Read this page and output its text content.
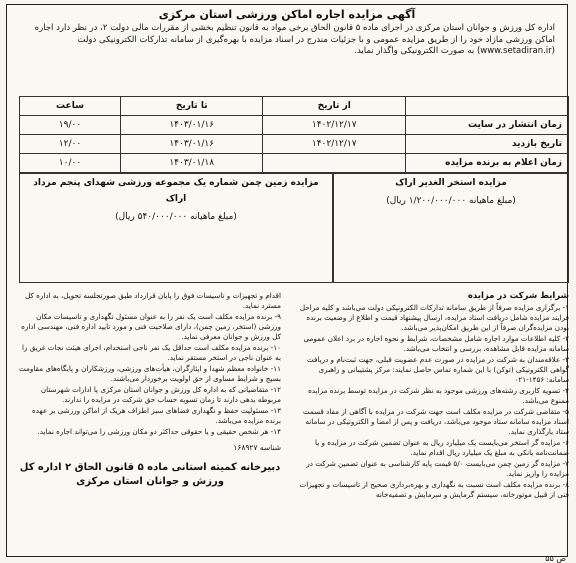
آگهی مزایده اجاره اماکن ورزشی استان مرکزی
اداره کل ورزش و جوانان استان مرکزی در اجرای ماده ۵ قانون الحاق برخی مواد به قانون تنظیم بخشی از مقررات مالی دولت ۲، در نظر دارد اجاره اماکن ورزشی مازاد خود را از طریق مزایده عمومی و با جزئیات مندرج در اسناد مزایده با بهره‌گیری از سامانه تدارکات الکترونیکی دولت (www.setadiran.ir) به صورت الکترونیکی واگذار نماید.
	از تاریخ	تا تاریخ	ساعت
زمان انتشار در سایت	۱۴۰۲/۱۲/۱۷	۱۴۰۳/۰۱/۱۶	۱۹/۰۰
تاریخ بازدید	۱۴۰۲/۱۲/۱۷	۱۴۰۳/۰۱/۱۶	۱۲/۰۰
زمان اعلام به برنده مزایده		۱۴۰۳/۰۱/۱۸	۱۰/۰۰
مزایده استخر الغدیر اراک
(مبلغ ماهیانه ۱/۲۰۰/۰۰۰/۰۰۰ ریال)
مزایده زمین چمن شماره یک مجموعه ورزشی شهدای پنجم مرداد
اراک
(مبلغ ماهیانه ۵۴۰/۰۰۰/۰۰۰ ریال)
شرایط شرکت در مزایده

۱- برگزاری مزایده صرفاً از طریق سامانه تدارکات الکترونیکی دولت می‌باشد و کلیه مراحل فرایند مزایده شامل دریافت اسناد مزایده، ارسال پیشنهاد قیمت و اطلاع از وضعیت برنده بودن مزایده‌گران صرفاً از این طریق امکان‌پذیر می‌باشد.

۲- کلیه اطلاعات موارد اجاره شامل مشخصات، شرایط و نحوه اجاره در برد اعلان عمومی سامانه مزایده قابل مشاهده، بررسی و انتخاب می‌باشد.

۳- علاقه‌مندان به شرکت در مزایده در صورت عدم عضویت قبلی، جهت ثبت‌نام و دریافت گواهی الکترونیکی (توکن) با این شماره تماس حاصل نمایند: مرکز پشتیبانی و راهبری سامانه: ۱۴۵۶-۰۲۱

۴- تسویه کاربری رشته‌های ورزشی موجود به نظر شرکت در مزایده توسط برنده مزایده ممنوع می‌باشد.

۵- متقاضی شرکت در مزایده مکلف است جهت شرکت در مزایده با آگاهی از مفاد قسمت اسناد مزایده سامانه ستاد موجود می‌باشد، دریافت و پس از امضا و الکترونیکی در سامانه ستاد بارگذاری نماید.

۶- مزایده گر استخر می‌بایست یک میلیارد ریال به عنوان تضمین شرکت در مزایده و یا ضمانت‌نامه بانکی به مبلغ یک میلیارد ریال اقدام نماید.

۷- مزایده گر زمین چمن می‌بایست ۵/۰ قیمت پایه کارشناسی به عنوان تضمین شرکت در مزایده را واریز نماید.

۸- برنده مزایده مکلف است نسبت به نگهداری و بهره‌برداری صحیح از تاسیسات و تجهیزات فنی از قبیل موتورخانه، سیستم گرمایش و سرمایش و تصفیه‌خانه

اقدام و تجهیزات و تاسیسات فوق را پایان قرارداد طبق صورتجلسه تحویل، به اداره کل مسترد نماید.

۹- برنده مزایده مکلف است یک نفر را به عنوان مسئول نگهداری و تاسیسات مکان ورزشی (استخر، زمین چمن)، دارای صلاحیت فنی و مورد تایید اداره فنی، مهندسی اداره کل ورزش و جوانان معرفی نماید.

۱۰- برنده مزایده مکلف است حداقل یک نفر ناجی استخدام، اجرای هیئت نجات غریق را به عنوان ناجی در استخر مستقر نماید.

۱۱- خانواده معظم شهدا و ایثارگران، هیأت‌های ورزشی، ورزشکاران و پایگاه‌های مقاومت بسیج و شرایط مساوی از حق اولویت برخوردار می‌باشند.

۱۲- متقاضیانی که به اداره کل ورزش و جوانان استان مرکزی یا ادارات شهرستان مربوطه بدهی دارند تا زمان تسویه حساب حق شرکت در مزایده را ندارند.

۱۳- مسئولیت حفظ و نگهداری فضاهای سبز اطراف هریک از اماکن ورزشی بر عهده برنده مزایده می‌باشد.

۱۴- هر شخص حقیقی و یا حقوقی حداکثر دو مکان ورزشی را می‌تواند اجاره نماید.

شناسه ۱۶۸۹۲۷
دبیرخانه کمیته استانی ماده ۵ قانون الحاق ۲ اداره کل ورزش و جوانان استان مرکزی
ص ۵۵
